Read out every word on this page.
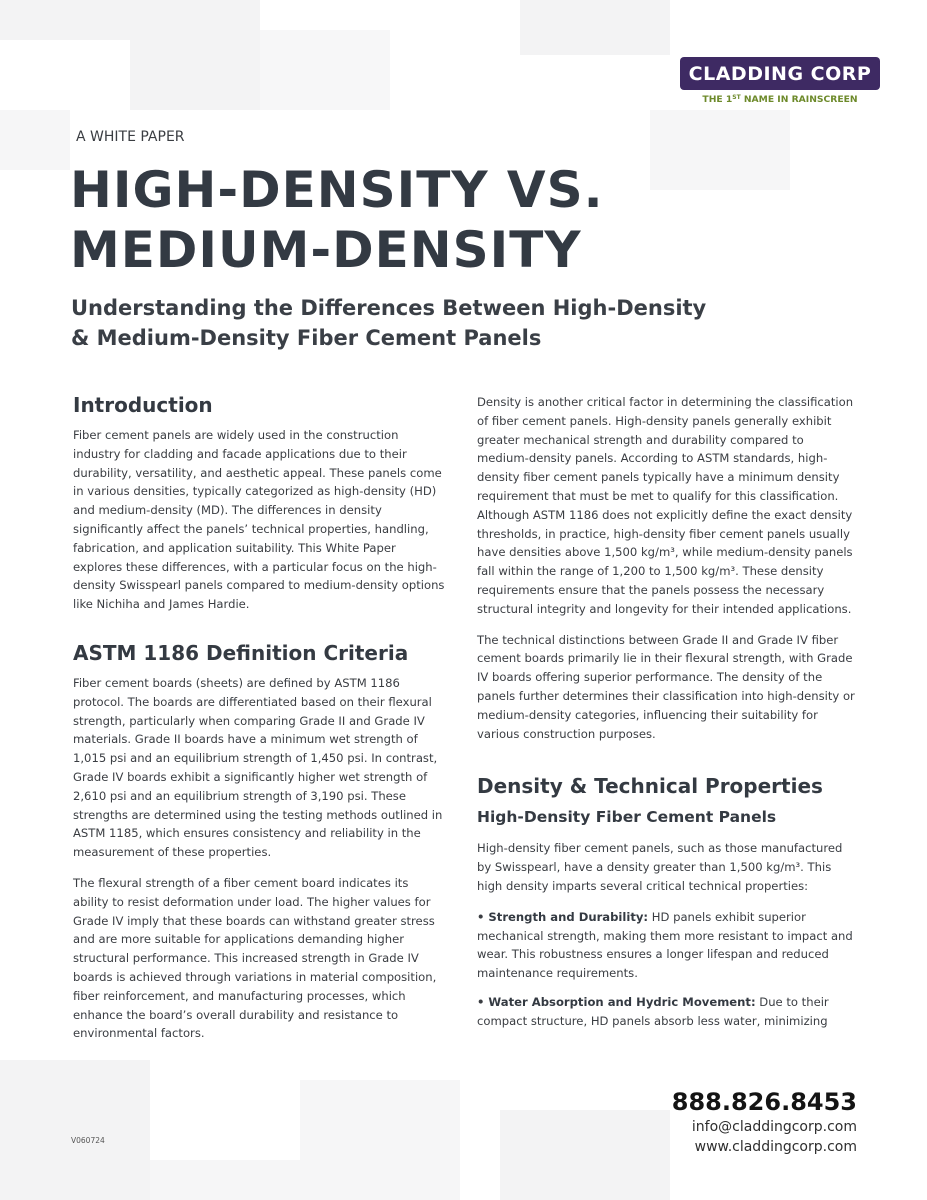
CLADDING CORP
THE 1ST NAME IN RAINSCREEN
A WHITE PAPER
HIGH-DENSITY VS.
MEDIUM-DENSITY
Understanding the Differences Between High-Density
& Medium-Density Fiber Cement Panels
Introduction

Fiber cement panels are widely used in the construction industry for cladding and facade applications due to their durability, versatility, and aesthetic appeal. These panels come in various densities, typically categorized as high-density (HD) and medium-density (MD). The differences in density significantly affect the panels’ technical properties, handling, fabrication, and application suitability. This White Paper explores these differences, with a particular focus on the high-density Swisspearl panels compared to medium-density options like Nichiha and James Hardie.

ASTM 1186 Definition Criteria

Fiber cement boards (sheets) are defined by ASTM 1186 protocol. The boards are differentiated based on their flexural strength, particularly when comparing Grade II and Grade IV materials. Grade II boards have a minimum wet strength of 1,015 psi and an equilibrium strength of 1,450 psi. In contrast, Grade IV boards exhibit a significantly higher wet strength of 2,610 psi and an equilibrium strength of 3,190 psi. These strengths are determined using the testing methods outlined in ASTM 1185, which ensures consistency and reliability in the measurement of these properties.

The flexural strength of a fiber cement board indicates its ability to resist deformation under load. The higher values for Grade IV imply that these boards can withstand greater stress and are more suitable for applications demanding higher structural performance. This increased strength in Grade IV boards is achieved through variations in material composition, fiber reinforcement, and manufacturing processes, which enhance the board’s overall durability and resistance to environmental factors.

Density is another critical factor in determining the classification of fiber cement panels. High-density panels generally exhibit greater mechanical strength and durability compared to medium-density panels. According to ASTM standards, high-density fiber cement panels typically have a minimum density requirement that must be met to qualify for this classification. Although ASTM 1186 does not explicitly define the exact density thresholds, in practice, high-density fiber cement panels usually have densities above 1,500 kg/m³, while medium-density panels fall within the range of 1,200 to 1,500 kg/m³. These density requirements ensure that the panels possess the necessary structural integrity and longevity for their intended applications.

The technical distinctions between Grade II and Grade IV fiber cement boards primarily lie in their flexural strength, with Grade IV boards offering superior performance. The density of the panels further determines their classification into high-density or medium-density categories, influencing their suitability for various construction purposes.

Density & Technical Properties
High-Density Fiber Cement Panels

High-density fiber cement panels, such as those manufactured by Swisspearl, have a density greater than 1,500 kg/m³. This high density imparts several critical technical properties:

• Strength and Durability: HD panels exhibit superior mechanical strength, making them more resistant to impact and wear. This robustness ensures a longer lifespan and reduced maintenance requirements.
• Water Absorption and Hydric Movement: Due to their compact structure, HD panels absorb less water, minimizing
888.826.8453
info@claddingcorp.com
www.claddingcorp.com
V060724
